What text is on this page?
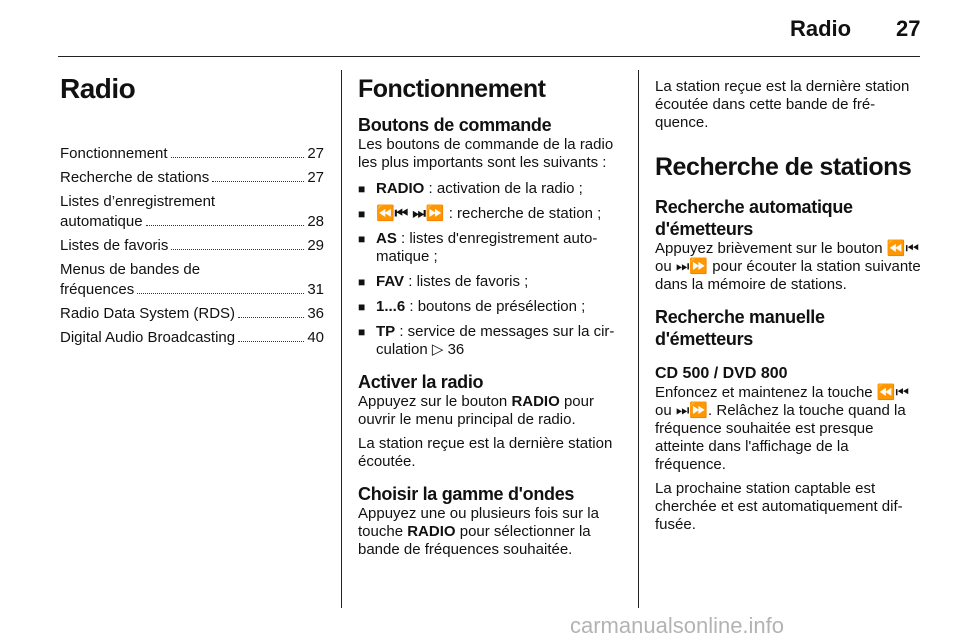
Radio 27
Radio
Fonctionnement	27
Recherche de stations	27
Listes d’enregistrement
automatique	28
Listes de favoris	29
Menus de bandes de
fréquences	31
Radio Data System (RDS)	36
Digital Audio Broadcasting	40
Fonctionnement
Boutons de commande

Les boutons de commande de la radio les plus importants sont les suivants :

■ RADIO : activation de la radio ;
■ ⏪⏮ ⏭⏩ : recherche de station ;
■ AS : listes d'enregistrement automatique ;
■ FAV : listes de favoris ;
■ 1...6 : boutons de présélection ;
■ TP : service de messages sur la circulation ▷ 36
Activer la radio

Appuyez sur le bouton RADIO pour ouvrir le menu principal de radio.

La station reçue est la dernière station écoutée.

Choisir la gamme d'ondes

Appuyez une ou plusieurs fois sur la touche RADIO pour sélectionner la bande de fréquences souhaitée.

La station reçue est la dernière station écoutée dans cette bande de fréquence.

Recherche de stations
Recherche automatique d'émetteurs

Appuyez brièvement sur le bouton ⏪⏮ ou ⏭⏩ pour écouter la station suivante dans la mémoire de stations.

Recherche manuelle d'émetteurs
CD 500 / DVD 800

Enfoncez et maintenez la touche ⏪⏮ ou ⏭⏩. Relâchez la touche quand la fréquence souhaitée est presque atteinte dans l'affichage de la fréquence.

La prochaine station captable est cherchée et est automatiquement diffusée.

carmanualsonline.info
